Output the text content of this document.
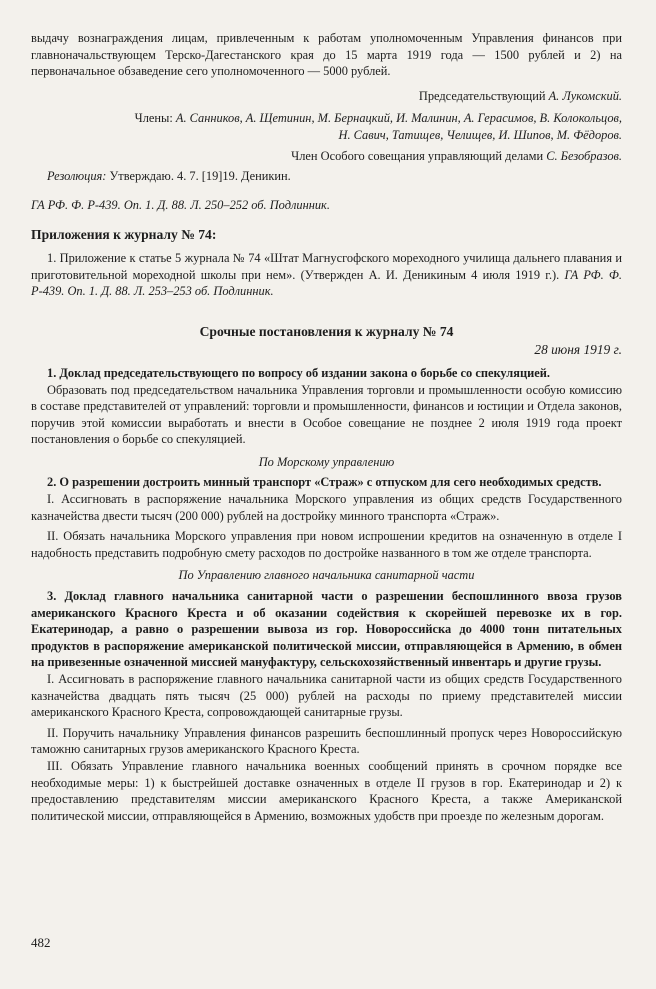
выдачу вознаграждения лицам, привлеченным к работам уполномоченным Управления финансов при главноначальствующем Терско-Дагестанского края до 15 марта 1919 года — 1500 рублей и 2) на первоначальное обзаведение сего уполномоченного — 5000 рублей.

Председательствующий А. Лукомский.

Члены: А. Санников, А. Щетинин, М. Бернацкий, И. Малинин, А. Герасимов, В. Колокольцов,
Н. Савич, Татищев, Челищев, И. Шипов, М. Фёдоров.

Член Особого совещания управляющий делами С. Безобразов.

Резолюция: Утверждаю. 4. 7. [19]19. Деникин.

ГА РФ. Ф. Р-439. Оп. 1. Д. 88. Л. 250–252 об. Подлинник.

Приложения к журналу № 74:

1. Приложение к статье 5 журнала № 74 «Штат Магнусгофского мореходного училища дальнего плавания и приготовительной мореходной школы при нем». (Утвержден А. И. Деникиным 4 июля 1919 г.). ГА РФ. Ф. Р-439. Оп. 1. Д. 88. Л. 253–253 об. Подлинник.

Срочные постановления к журналу № 74
28 июня 1919 г.

1. Доклад председательствующего по вопросу об издании закона о борьбе со спекуляцией.

Образовать под председательством начальника Управления торговли и промышленности особую комиссию в составе представителей от управлений: торговли и промышленности, финансов и юстиции и Отдела законов, поручив этой комиссии выработать и внести в Особое совещание не позднее 2 июля 1919 года проект постановления о борьбе со спекуляцией.

По Морскому управлению

2. О разрешении достроить минный транспорт «Страж» с отпуском для сего необходимых средств.

I. Ассигновать в распоряжение начальника Морского управления из общих средств Государственного казначейства двести тысяч (200 000) рублей на достройку минного транспорта «Страж».

II. Обязать начальника Морского управления при новом испрошении кредитов на означенную в отделе I надобность представить подробную смету расходов по достройке названного в том же отделе транспорта.

По Управлению главного начальника санитарной части

3. Доклад главного начальника санитарной части о разрешении беспошлинного ввоза грузов американского Красного Креста и об оказании содействия к скорейшей перевозке их в гор. Екатеринодар, а равно о разрешении вывоза из гор. Новороссийска до 4000 тонн питательных продуктов в распоряжение американской политической миссии, отправляющейся в Армению, в обмен на привезенные означенной миссией мануфактуру, сельскохозяйственный инвентарь и другие грузы.

I. Ассигновать в распоряжение главного начальника санитарной части из общих средств Государственного казначейства двадцать пять тысяч (25 000) рублей на расходы по приему представителей миссии американского Красного Креста, сопровождающей санитарные грузы.

II. Поручить начальнику Управления финансов разрешить беспошлинный пропуск через Новороссийскую таможню санитарных грузов американского Красного Креста.

III. Обязать Управление главного начальника военных сообщений принять в срочном порядке все необходимые меры: 1) к быстрейшей доставке означенных в отделе II грузов в гор. Екатеринодар и 2) к предоставлению представителям миссии американского Красного Креста, а также Американской политической миссии, отправляющейся в Армению, возможных удобств при проезде по железным дорогам.

482
